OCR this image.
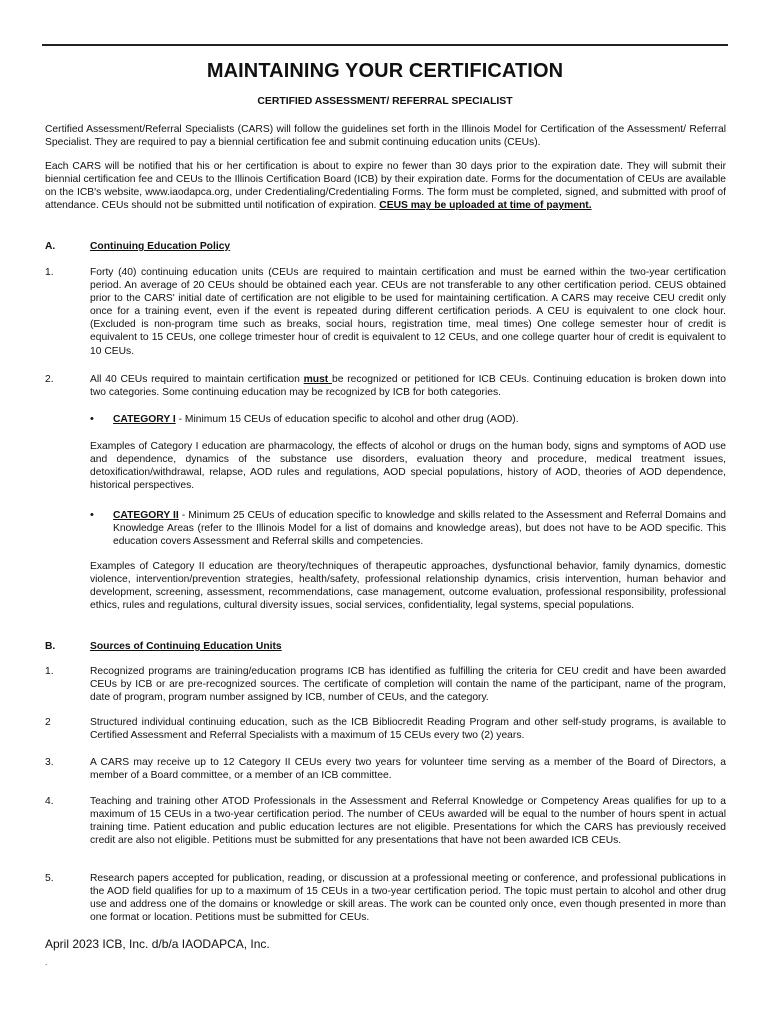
MAINTAINING YOUR CERTIFICATION
CERTIFIED ASSESSMENT/ REFERRAL SPECIALIST
Certified Assessment/Referral Specialists (CARS) will follow the guidelines set forth in the Illinois Model for Certification of the Assessment/ Referral Specialist. They are required to pay a biennial certification fee and submit continuing education units (CEUs).
Each CARS will be notified that his or her certification is about to expire no fewer than 30 days prior to the expiration date. They will submit their biennial certification fee and CEUs to the Illinois Certification Board (ICB) by their expiration date. Forms for the documentation of CEUs are available on the ICB's website, www.iaodapca.org, under Credentialing/Credentialing Forms. The form must be completed, signed, and submitted with proof of attendance. CEUs should not be submitted until notification of expiration. CEUS may be uploaded at time of payment.
A.	Continuing Education Policy
1.	Forty (40) continuing education units (CEUs are required to maintain certification and must be earned within the two-year certification period. An average of 20 CEUs should be obtained each year. CEUs are not transferable to any other certification period. CEUS obtained prior to the CARS' initial date of certification are not eligible to be used for maintaining certification. A CARS may receive CEU credit only once for a training event, even if the event is repeated during different certification periods. A CEU is equivalent to one clock hour. (Excluded is non-program time such as breaks, social hours, registration time, meal times) One college semester hour of credit is equivalent to 15 CEUs, one college trimester hour of credit is equivalent to 12 CEUs, and one college quarter hour of credit is equivalent to 10 CEUs.
2.	All 40 CEUs required to maintain certification must be recognized or petitioned for ICB CEUs. Continuing education is broken down into two categories. Some continuing education may be recognized by ICB for both categories.
• CATEGORY I - Minimum 15 CEUs of education specific to alcohol and other drug (AOD).
Examples of Category I education are pharmacology, the effects of alcohol or drugs on the human body, signs and symptoms of AOD use and dependence, dynamics of the substance use disorders, evaluation theory and procedure, medical treatment issues, detoxification/withdrawal, relapse, AOD rules and regulations, AOD special populations, history of AOD, theories of AOD dependence, historical perspectives.
• CATEGORY II - Minimum 25 CEUs of education specific to knowledge and skills related to the Assessment and Referral Domains and Knowledge Areas (refer to the Illinois Model for a list of domains and knowledge areas), but does not have to be AOD specific. This education covers Assessment and Referral skills and competencies.
Examples of Category II education are theory/techniques of therapeutic approaches, dysfunctional behavior, family dynamics, domestic violence, intervention/prevention strategies, health/safety, professional relationship dynamics, crisis intervention, human behavior and development, screening, assessment, recommendations, case management, outcome evaluation, professional responsibility, professional ethics, rules and regulations, cultural diversity issues, social services, confidentiality, legal systems, special populations.
B.	Sources of Continuing Education Units
1.	Recognized programs are training/education programs ICB has identified as fulfilling the criteria for CEU credit and have been awarded CEUs by ICB or are pre-recognized sources. The certificate of completion will contain the name of the participant, name of the program, date of program, program number assigned by ICB, number of CEUs, and the category.
2	Structured individual continuing education, such as the ICB Bibliocredit Reading Program and other self-study programs, is available to Certified Assessment and Referral Specialists with a maximum of 15 CEUs every two (2) years.
3.	A CARS may receive up to 12 Category II CEUs every two years for volunteer time serving as a member of the Board of Directors, a member of a Board committee, or a member of an ICB committee.
4.	Teaching and training other ATOD Professionals in the Assessment and Referral Knowledge or Competency Areas qualifies for up to a maximum of 15 CEUs in a two-year certification period. The number of CEUs awarded will be equal to the number of hours spent in actual training time. Patient education and public education lectures are not eligible. Presentations for which the CARS has previously received credit are also not eligible. Petitions must be submitted for any presentations that have not been awarded ICB CEUs.
5.	Research papers accepted for publication, reading, or discussion at a professional meeting or conference, and professional publications in the AOD field qualifies for up to a maximum of 15 CEUs in a two-year certification period. The topic must pertain to alcohol and other drug use and address one of the domains or knowledge or skill areas. The work can be counted only once, even though presented in more than one format or location. Petitions must be submitted for CEUs.
April 2023 ICB, Inc. d/b/a IAODAPCA, Inc.
.
